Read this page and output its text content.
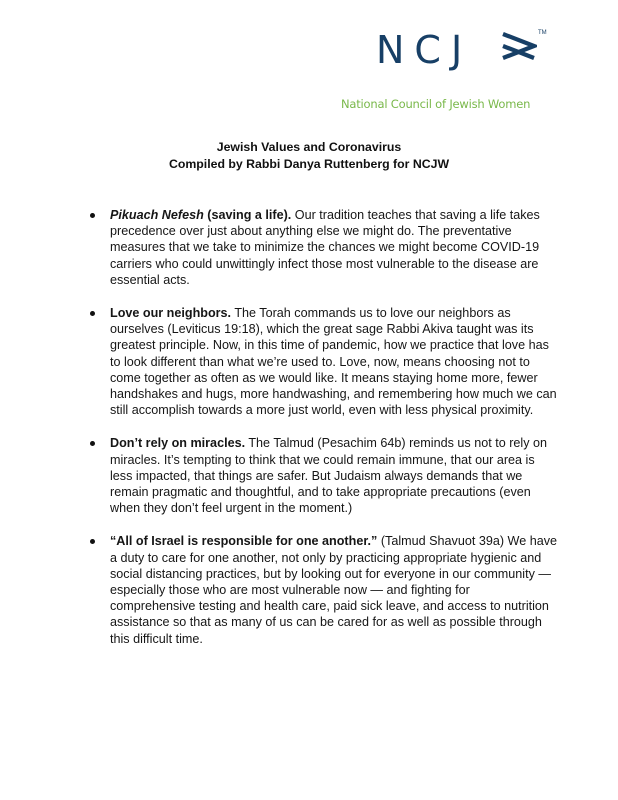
NCJ	TM
National Council of Jewish Women
Jewish Values and Coronavirus
Compiled by Rabbi Danya Ruttenberg for NCJW
Pikuach Nefesh (saving a life). Our tradition teaches that saving a life takes precedence over just about anything else we might do. The preventative measures that we take to minimize the chances we might become COVID-19 carriers who could unwittingly infect those most vulnerable to the disease are essential acts.
Love our neighbors. The Torah commands us to love our neighbors as ourselves (Leviticus 19:18), which the great sage Rabbi Akiva taught was its greatest principle. Now, in this time of pandemic, how we practice that love has to look different than what we’re used to. Love, now, means choosing not to come together as often as we would like. It means staying home more, fewer handshakes and hugs, more handwashing, and remembering how much we can still accomplish towards a more just world, even with less physical proximity.
Don’t rely on miracles. The Talmud (Pesachim 64b) reminds us not to rely on miracles. It’s tempting to think that we could remain immune, that our area is less impacted, that things are safer. But Judaism always demands that we remain pragmatic and thoughtful, and to take appropriate precautions (even when they don’t feel urgent in the moment.)
“All of Israel is responsible for one another.” (Talmud Shavuot 39a) We have a duty to care for one another, not only by practicing appropriate hygienic and social distancing practices, but by looking out for everyone in our community — especially those who are most vulnerable now — and fighting for comprehensive testing and health care, paid sick leave, and access to nutrition assistance so that as many of us can be cared for as well as possible through this difficult time.
